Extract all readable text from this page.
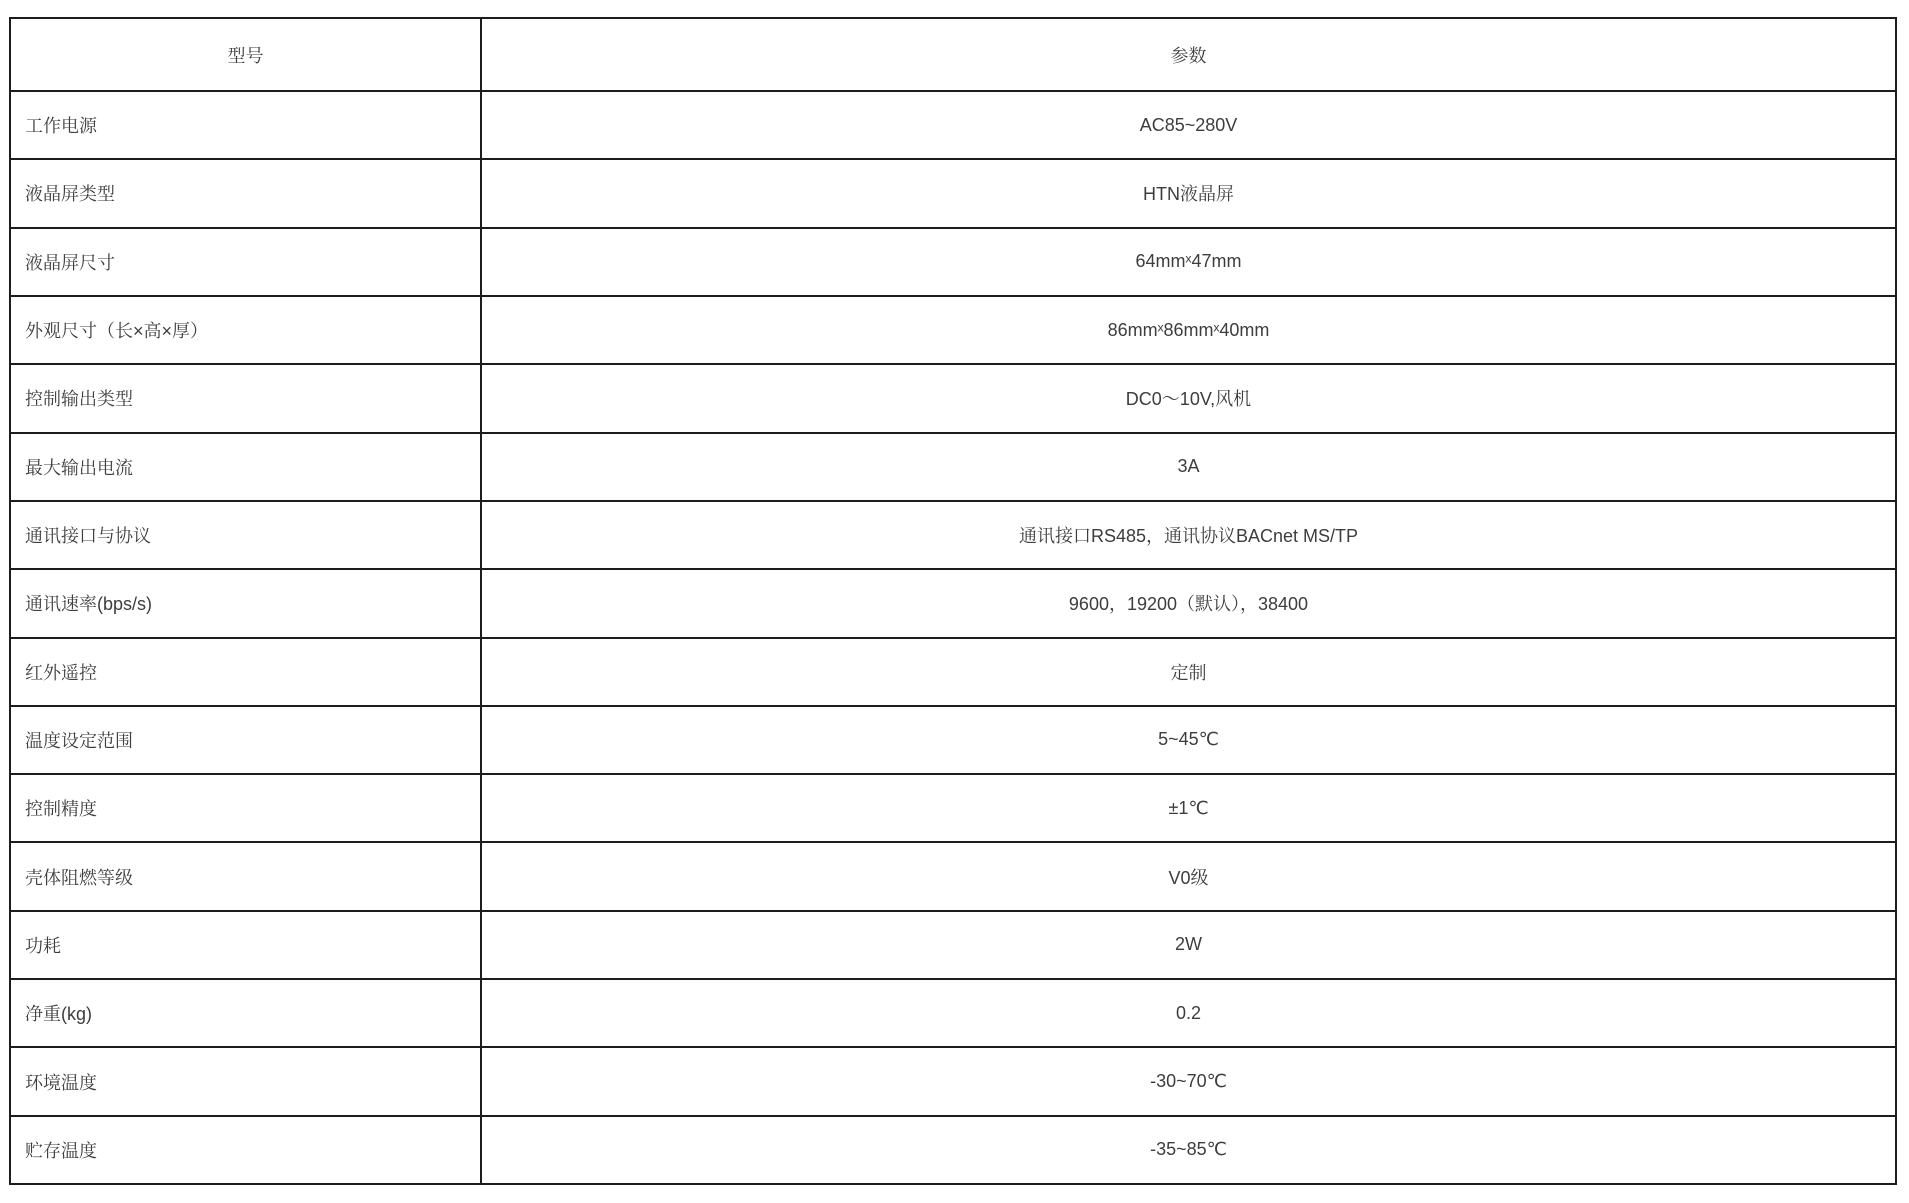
型号	参数
工作电源	AC85~280V
液晶屏类型	HTN液晶屏
液晶屏尺寸	64mmˣ47mm
外观尺寸（长×高×厚）	86mmˣ86mmˣ40mm
控制输出类型	DC0～10V,风机
最大输出电流	3A
通讯接口与协议	通讯接口RS485，通讯协议BACnet MS/TP
通讯速率(bps/s)	9600，19200（默认），38400
红外遥控	定制
温度设定范围	5~45℃
控制精度	±1℃
壳体阻燃等级	V0级
功耗	2W
净重(kg)	0.2
环境温度	-30~70℃
贮存温度	-35~85℃
